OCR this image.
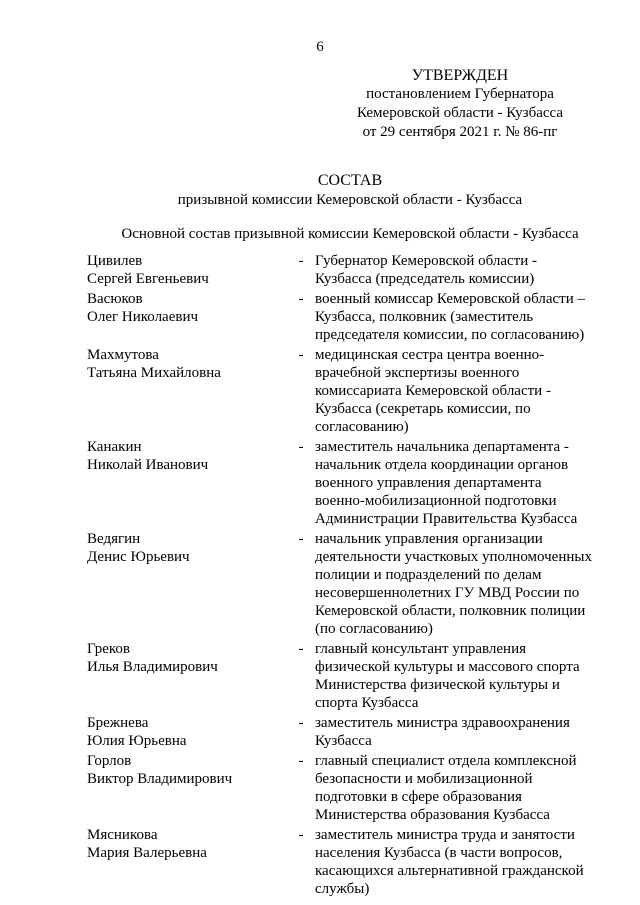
6
УТВЕРЖДЕН
постановлением Губернатора
Кемеровской области - Кузбасса
от 29 сентября 2021 г. № 86-пг
СОСТАВ
призывной комиссии Кемеровской области - Кузбасса
Основной состав призывной комиссии Кемеровской области - Кузбасса
Цивилев
Сергей Евгеньевич
- Губернатор Кемеровской области -
Кузбасса (председатель комиссии)
Васюков
Олег Николаевич
- военный комиссар Кемеровской области –
Кузбасса, полковник (заместитель
председателя комиссии, по согласованию)
Махмутова
Татьяна Михайловна
- медицинская сестра центра военно-
врачебной экспертизы военного
комиссариата Кемеровской области -
Кузбасса (секретарь комиссии, по
согласованию)
Канакин
Николай Иванович
- заместитель начальника департамента -
начальник отдела координации органов
военного управления департамента
военно-мобилизационной подготовки
Администрации Правительства Кузбасса
Ведягин
Денис Юрьевич
- начальник управления организации
деятельности участковых уполномоченных
полиции и подразделений по делам
несовершеннолетних ГУ МВД России по
Кемеровской области, полковник полиции
(по согласованию)
Греков
Илья Владимирович
- главный консультант управления
физической культуры и массового спорта
Министерства физической культуры и
спорта Кузбасса
Брежнева
Юлия Юрьевна
- заместитель министра здравоохранения
Кузбасса
Горлов
Виктор Владимирович
- главный специалист отдела комплексной
безопасности и мобилизационной
подготовки в сфере образования
Министерства образования Кузбасса
Мясникова
Мария Валерьевна
- заместитель министра труда и занятости
населения Кузбасса (в части вопросов,
касающихся альтернативной гражданской
службы)
